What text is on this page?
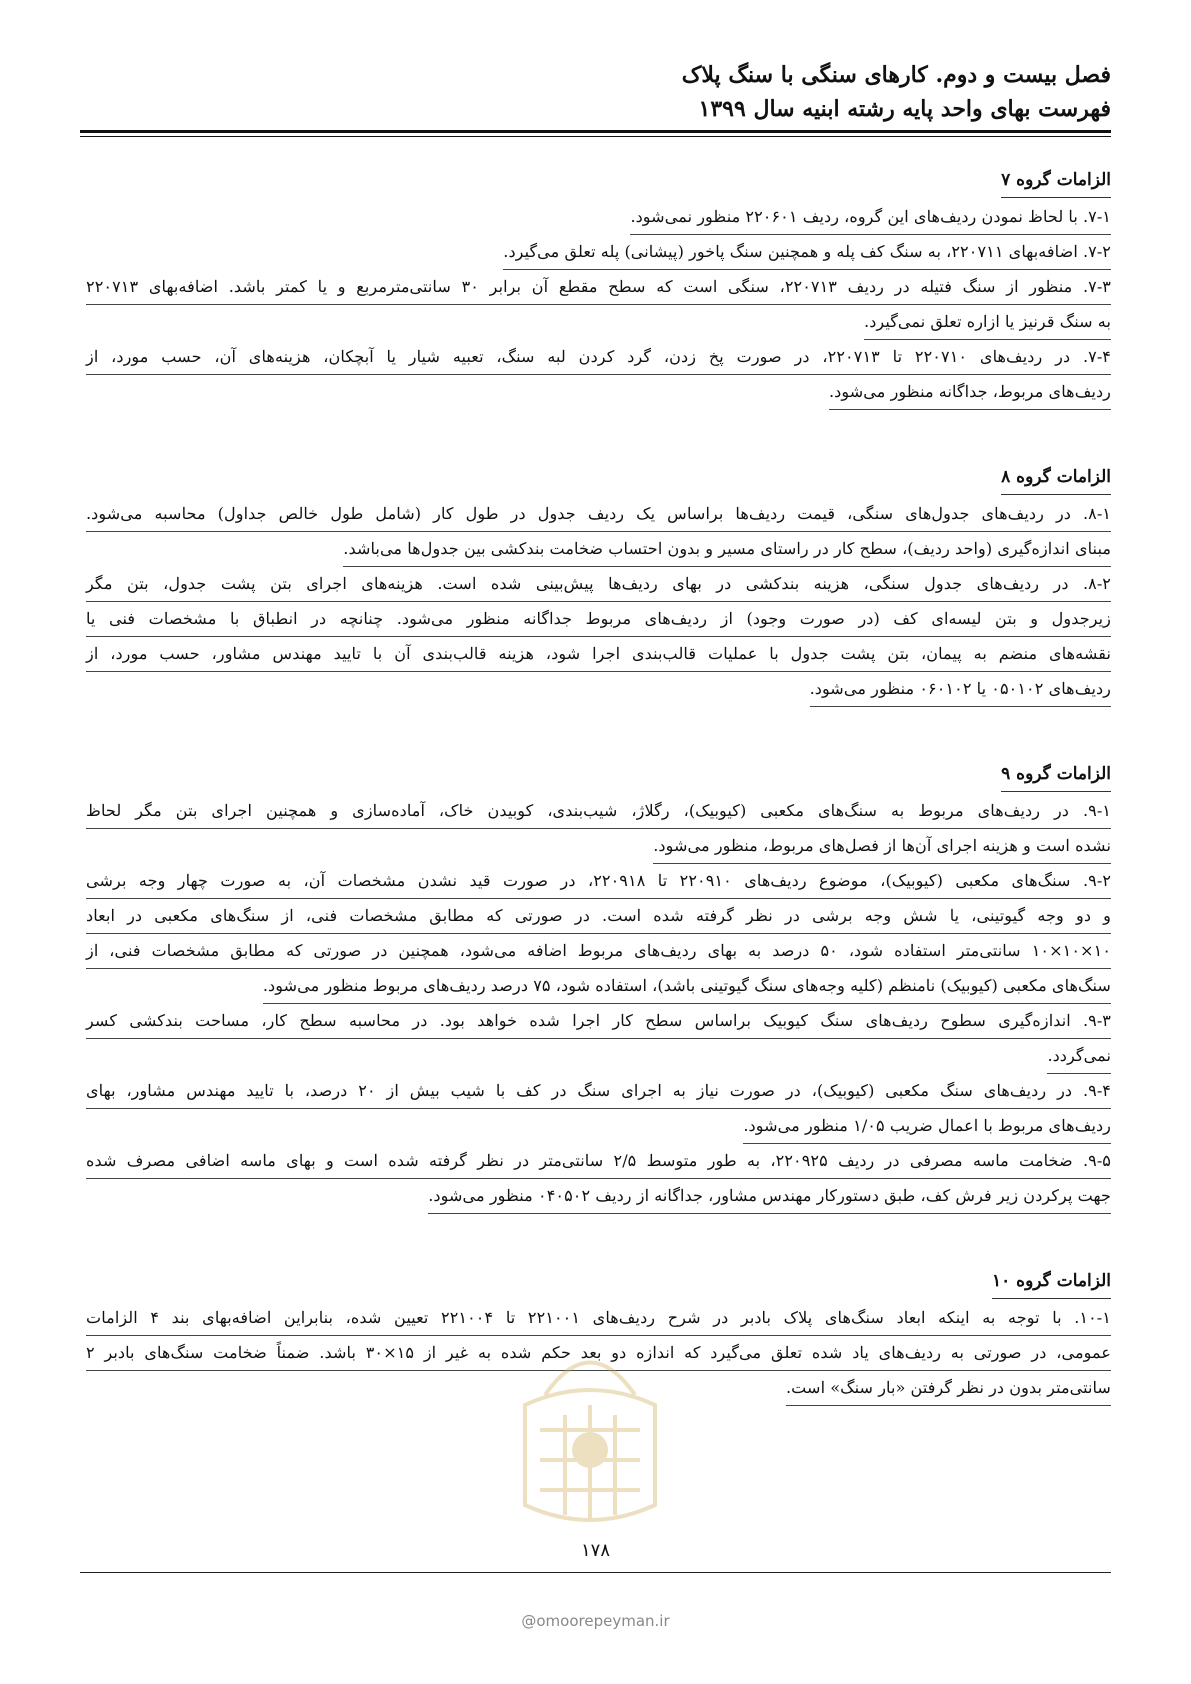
فصل بیست و دوم. کارهای سنگی با سنگ پلاک
فهرست بهای واحد پایه رشته ابنیه سال ۱۳۹۹
الزامات گروه ۷
۷-۱. با لحاظ نمودن ردیف‌های این گروه، ردیف ۲۲۰۶۰۱ منظور نمی‌شود.
۷-۲. اضافه‌بهای ۲۲۰۷۱۱، به سنگ کف پله و همچنین سنگ پاخور (پیشانی) پله تعلق می‌گیرد.
۷-۳. منظور از سنگ فتیله در ردیف ۲۲۰۷۱۳، سنگی است که سطح مقطع آن برابر ۳۰ سانتی‌مترمربع و یا کمتر باشد. اضافه‌بهای ۲۲۰۷۱۳
به سنگ قرنیز یا ازاره تعلق نمی‌گیرد.
۷-۴. در ردیف‌های ۲۲۰۷۱۰ تا ۲۲۰۷۱۳، در صورت پخ زدن، گرد کردن لبه سنگ، تعبیه شیار یا آبچکان، هزینه‌های آن، حسب مورد، از
ردیف‌های مربوط، جداگانه منظور می‌شود.
الزامات گروه ۸
۸-۱. در ردیف‌های جدول‌های سنگی، قیمت ردیف‌ها براساس یک ردیف جدول در طول کار (شامل طول خالص جداول) محاسبه می‌شود.
مبنای اندازه‌گیری (واحد ردیف)، سطح کار در راستای مسیر و بدون احتساب ضخامت بندکشی بین جدول‌ها می‌باشد.
۸-۲. در ردیف‌های جدول سنگی، هزینه بندکشی در بهای ردیف‌ها پیش‌بینی شده است. هزینه‌های اجرای بتن پشت جدول، بتن مگر
زیرجدول و بتن لیسه‌ای کف (در صورت وجود) از ردیف‌های مربوط جداگانه منظور می‌شود. چنانچه در انطباق با مشخصات فنی یا
نقشه‌های منضم به پیمان، بتن پشت جدول با عملیات قالب‌بندی اجرا شود، هزینه قالب‌بندی آن با تایید مهندس مشاور، حسب مورد، از
ردیف‌های ۰۵۰۱۰۲ یا ۰۶۰۱۰۲ منظور می‌شود.
الزامات گروه ۹
۹-۱. در ردیف‌های مربوط به سنگ‌های مکعبی (کیوبیک)، رگلاژ، شیب‌بندی، کوبیدن خاک، آماده‌سازی و همچنین اجرای بتن مگر لحاظ
نشده است و هزینه اجرای آن‌ها از فصل‌های مربوط، منظور می‌شود.
۹-۲. سنگ‌های مکعبی (کیوبیک)، موضوع ردیف‌های ۲۲۰۹۱۰ تا ۲۲۰۹۱۸، در صورت قید نشدن مشخصات آن، به صورت چهار وجه برشی
و دو وجه گیوتینی، یا شش وجه برشی در نظر گرفته شده است. در صورتی که مطابق مشخصات فنی، از سنگ‌های مکعبی در ابعاد
۱۰×۱۰×۱۰ سانتی‌متر استفاده شود، ۵۰ درصد به بهای ردیف‌های مربوط اضافه می‌شود، همچنین در صورتی که مطابق مشخصات فنی، از
سنگ‌های مکعبی (کیوبیک) نامنظم (کلیه وجه‌های سنگ گیوتینی باشد)، استفاده شود، ۷۵ درصد ردیف‌های مربوط منظور می‌شود.
۹-۳. اندازه‌گیری سطوح ردیف‌های سنگ کیوبیک براساس سطح کار اجرا شده خواهد بود. در محاسبه سطح کار، مساحت بندکشی کسر
نمی‌گردد.
۹-۴. در ردیف‌های سنگ مکعبی (کیوبیک)، در صورت نیاز به اجرای سنگ در کف با شیب بیش از ۲۰ درصد، با تایید مهندس مشاور، بهای
ردیف‌های مربوط با اعمال ضریب ۱/۰۵ منظور می‌شود.
۹-۵. ضخامت ماسه مصرفی در ردیف ۲۲۰۹۲۵، به طور متوسط ۲/۵ سانتی‌متر در نظر گرفته شده است و بهای ماسه اضافی مصرف شده
جهت پرکردن زیر فرش کف، طبق دستورکار مهندس مشاور، جداگانه از ردیف ۰۴۰۵۰۲ منظور می‌شود.
الزامات گروه ۱۰
۱۰-۱. با توجه به اینکه ابعاد سنگ‌های پلاک بادبر در شرح ردیف‌های ۲۲۱۰۰۱ تا ۲۲۱۰۰۴ تعیین شده، بنابراین اضافه‌بهای بند ۴ الزامات
عمومی، در صورتی به ردیف‌های یاد شده تعلق می‌گیرد که اندازه دو بعد حکم شده به غیر از ۱۵×۳۰ باشد. ضمناً ضخامت سنگ‌های بادبر ۲
سانتی‌متر بدون در نظر گرفتن «بار سنگ» است.
۱۷۸
@omoorepeyman.ir
